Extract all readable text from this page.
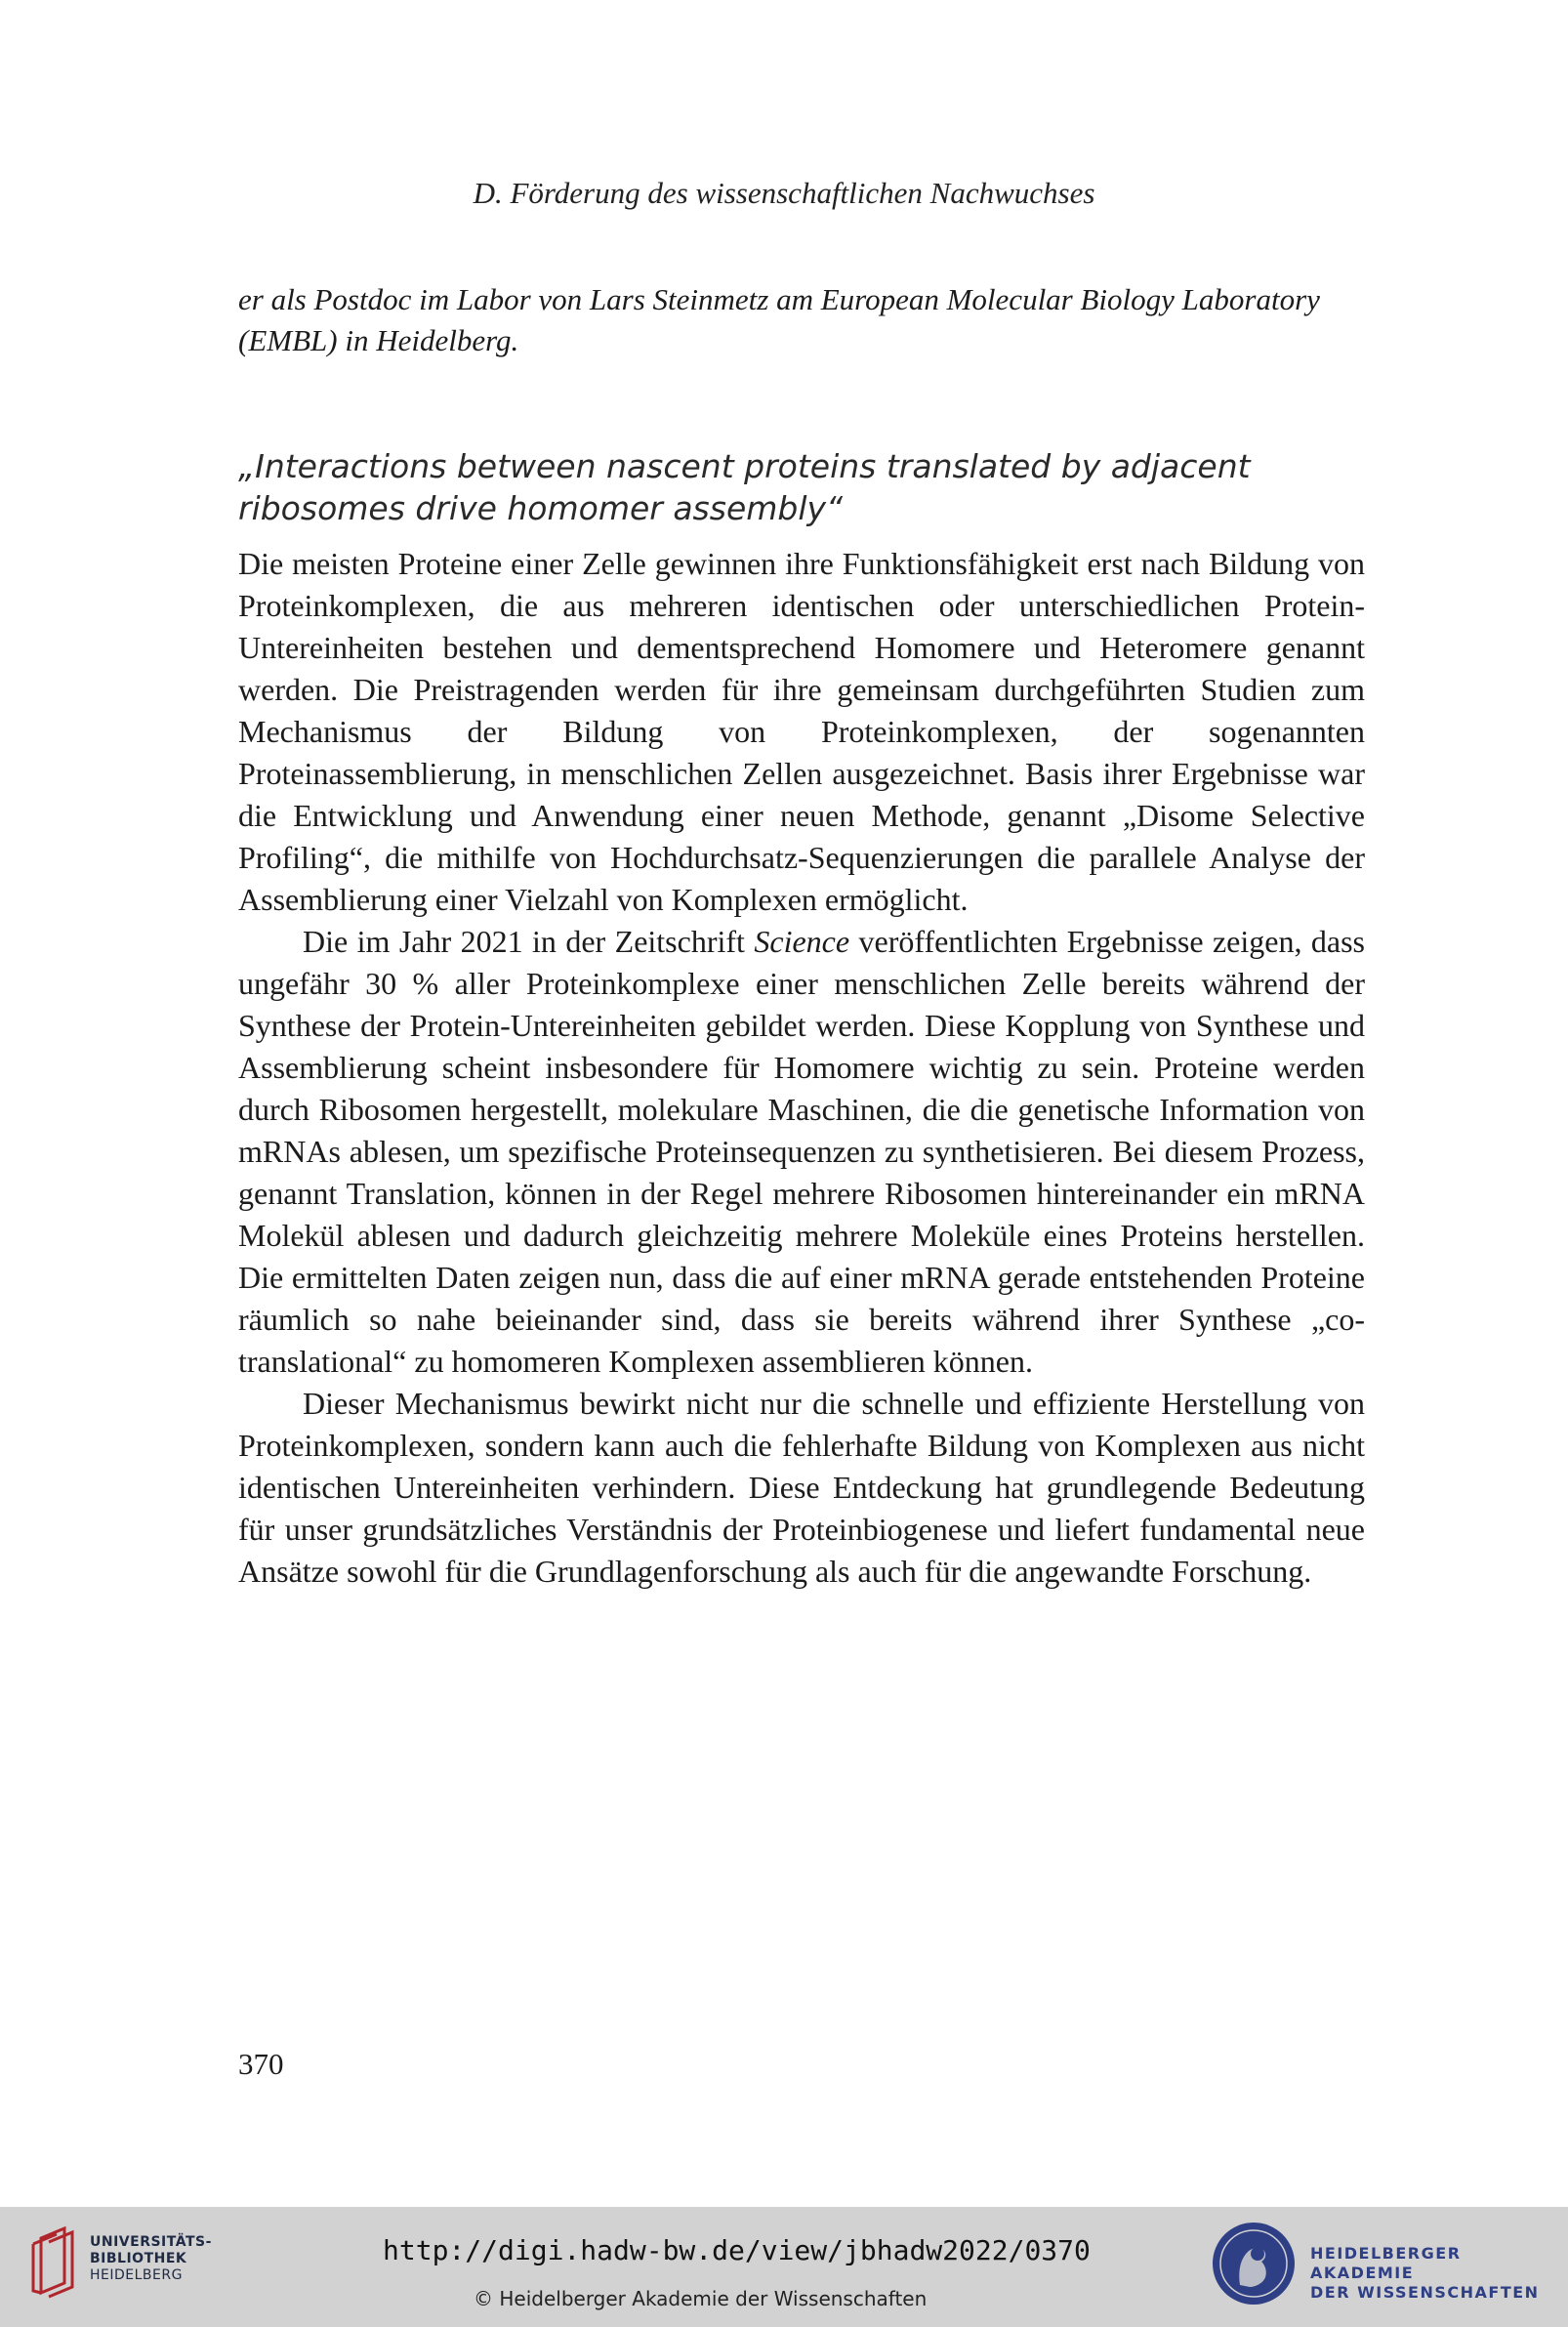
D. Förderung des wissenschaftlichen Nachwuchses

er als Postdoc im Labor von Lars Steinmetz am European Molecular Biology Laboratory (EMBL) in Heidelberg.

„Interactions between nascent proteins translated by adjacent
ribosomes drive homomer assembly“

Die meisten Proteine einer Zelle gewinnen ihre Funktionsfähigkeit erst nach Bildung von Proteinkomplexen, die aus mehreren identischen oder unterschiedlichen Protein-Untereinheiten bestehen und dementsprechend Homomere und Heteromere genannt werden. Die Preistragenden werden für ihre gemeinsam durchgeführten Studien zum Mechanismus der Bildung von Proteinkomplexen, der sogenannten Proteinassemblierung, in menschlichen Zellen ausgezeichnet. Basis ihrer Ergebnisse war die Entwicklung und Anwendung einer neuen Methode, genannt „Disome Selective Profiling“, die mithilfe von Hochdurchsatz-Sequenzierungen die parallele Analyse der Assemblierung einer Vielzahl von Komplexen ermöglicht.

Die im Jahr 2021 in der Zeitschrift Science veröffentlichten Ergebnisse zeigen, dass ungefähr 30 % aller Proteinkomplexe einer menschlichen Zelle bereits während der Synthese der Protein-Untereinheiten gebildet werden. Diese Kopplung von Synthese und Assemblierung scheint insbesondere für Homomere wichtig zu sein. Proteine werden durch Ribosomen hergestellt, molekulare Maschinen, die die genetische Information von mRNAs ablesen, um spezifische Proteinsequenzen zu synthetisieren. Bei diesem Prozess, genannt Translation, können in der Regel mehrere Ribosomen hintereinander ein mRNA Molekül ablesen und dadurch gleichzeitig mehrere Moleküle eines Proteins herstellen. Die ermittelten Daten zeigen nun, dass die auf einer mRNA gerade entstehenden Proteine räumlich so nahe beieinander sind, dass sie bereits während ihrer Synthese „co-translational“ zu homomeren Komplexen assemblieren können.

Dieser Mechanismus bewirkt nicht nur die schnelle und effiziente Herstellung von Proteinkomplexen, sondern kann auch die fehlerhafte Bildung von Komplexen aus nicht identischen Untereinheiten verhindern. Diese Entdeckung hat grundlegende Bedeutung für unser grundsätzliches Verständnis der Proteinbiogenese und liefert fundamental neue Ansätze sowohl für die Grundlagenforschung als auch für die angewandte Forschung.

370
UNIVERSITÄTS-
BIBLIOTHEK
HEIDELBERG
http://digi.hadw-bw.de/view/jbhadw2022/0370
© Heidelberger Akademie der Wissenschaften
HEIDELBERGER AKADEMIE
DER WISSENSCHAFTEN
